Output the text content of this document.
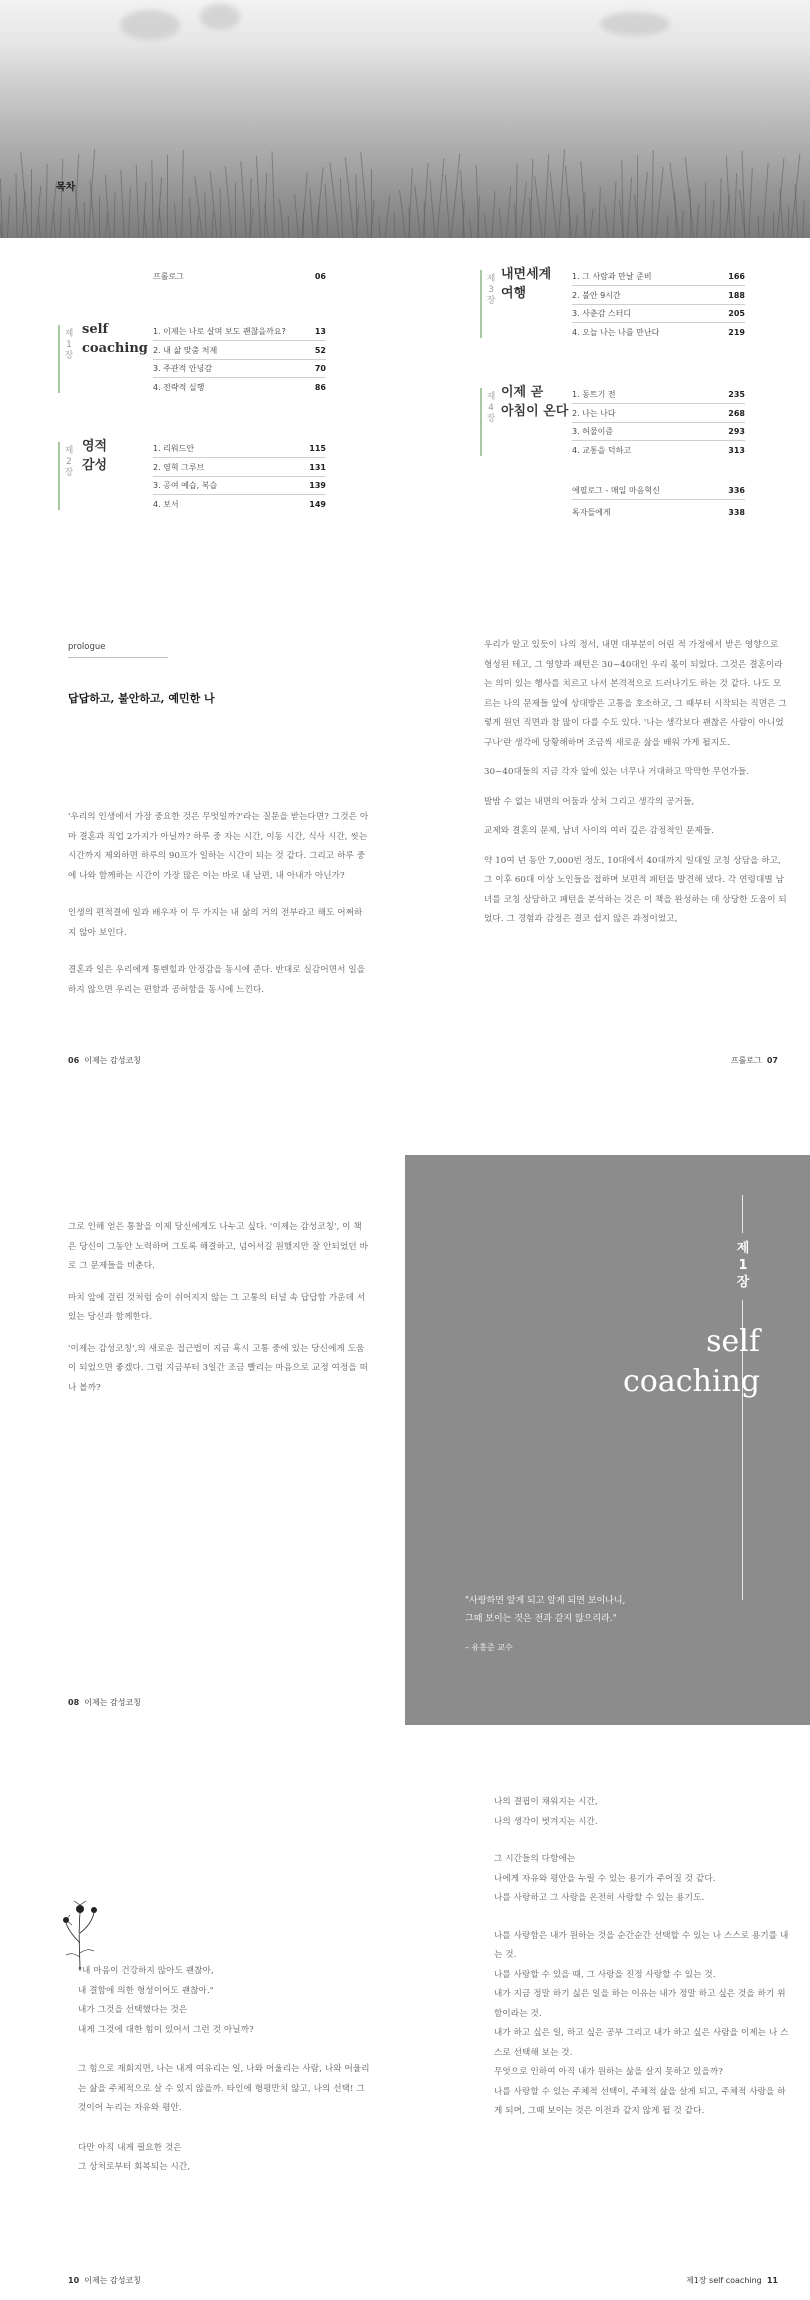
목차
프롤로그	06
제1장
self
coaching
1. 이제는 나로 살며 보도 괜찮을까요?	13
2. 내 삶 맞춤 처제	52
3. 주관적 안녕감	70
4. 전략적 실행	86
제2장
영적
감성
1. 리워드안	115
2. 영혁 그루브	131
3. 공여 예습, 복습	139
4. 보서	149
제3장
내면세계
여행
1. 그 사람과 만날 준비	166
2. 불안 9시간	188
3. 사춘감 스터디	205
4. 오늘 나는 나를 만난다	219
제4장
이제 곧
아침이 온다
1. 동트기 전	235
2. 나는 나다	268
3. 허물이즘	293
4. 교통을 덕하고	313
에필로그 - 매일 마음혁신	336
독자들에게	338
prologue
답답하고, 불안하고, 예민한 나
'우리의 인생에서 가장 중요한 것은 무엇일까?'라는 질문을 받는다면? 그것은 아마 결혼과 직업 2가지가 아닐까? 하루 중 자는 시간, 이동 시간, 식사 시간, 씻는 시간까지 제외하면 하루의 90프가 일하는 시간이 되는 것 같다. 그리고 하루 중에 나와 함께하는 시간이 가장 많은 이는 바로 내 남편, 내 아내가 아닌가?
인생의 편적결에 일과 배우자 이 두 가지는 내 삶의 거의 전부라고 해도 어쩌하지 않아 보인다.
결혼과 일은 우리에게 통렌힐과 안정감을 동시에 준다. 반대로 실감어면서 일을 하지 않으면 우리는 편함과 공허함을 동시에 느낀다.
우리가 알고 있듯이 나의 정서, 내면 대부분이 어린 적 가정에서 받은 영향으로 형성된 테고, 그 영향과 패턴은 30~40대인 우리 몫이 되었다. 그것은 결혼이라는 의미 있는 행사를 치르고 나서 본격적으로 드러나기도 하는 것 같다. 나도 모르는 나의 문제들 앞에 상대방은 고통을 호소하고, 그 때부터 시작되는 직면은 그렇게 원던 직면과 참 많이 다를 수도 있다. '나는 생각보다 괜찮은 사람이 아니었구나'란 생각에 당황해하며 조금씩 새로운 삶을 배워 가게 될지도.
30~40대들의 지금 각자 앞에 있는 너무나 거대하고 막막한 무언가들.
발밤 수 없는 내면의 어둠과 상처 그리고 생각의 공거들,
교제와 결혼의 문제, 남녀 사이의 여러 깊은 감정적인 문제들.
약 10여 년 동안 7,000번 정도, 10대에서 40대까지 일대일 코칭 상담을 하고, 그 이후 60대 이상 노인들을 접하며 보편적 패턴을 발견해 냈다. 각 연령대별 남녀를 코칭 상담하고 패턴을 분석하는 것은 이 책을 완성하는 데 상당한 도움이 되었다. 그 경험과 감정은 결코 쉽지 않은 과정이었고,
06 이제는 감성코칭	프롤로그 07
그로 인해 얻은 통찰을 이제 당신에게도 나누고 싶다. '이제는 감성코칭', 이 책은 당신이 그동안 노력하며 그토록 해결하고, 넘어서길 원했지만 잘 안되었던 바로 그 문제들을 비춘다.
마치 앞에 걸린 것처럼 숨이 쉬어지지 않는 그 고통의 터널 속 답답함 가운데 서 있는 당신과 함께한다.
'이제는 감성코칭',의 새로운 접근법이 지금 혹시 고통 중에 있는 당신에게 도움이 되었으면 좋겠다. 그럼 지금부터 3일간 조금 빨리는 마음으로 교정 여정을 떠나 볼까?
08 이제는 감성코칭
제1장
self
coaching
"사랑하면 알게 되고 알게 되면 보이나니,
그때 보이는 것은 전과 같지 않으리라."
– 유홍준 교수
"내 마음이 건강하지 않아도 괜찮아,
내 결함에 의한 형성이어도 괜찮아."
내가 그것을 선택했다는 것은
내게 그것에 대한 힘이 있어서 그런 것 아닐까?
그 힘으로 재회지면, 나는 내게 여유리는 일, 나와 어울리는 사람, 나와 어울리는 삶을 주체적으로 살 수 있지 않을까. 타인에 형평만치 않고, 나의 선택! 그것이어 누리는 자유와 평안.
다만 아직 내게 필요한 것은
그 상처로부터 회복되는 시간,
나의 결핍이 채워지는 시간,
나의 생각이 벗겨지는 시간.
그 시간들의 다함에는
나에게 자유와 평안을 누릴 수 있는 용기가 주어질 것 같다.
나를 사랑하고 그 사랑을 온전히 사랑할 수 있는 용기도.
나를 사랑함은 내가 원하는 것을 순간순간 선택할 수 있는 나 스스로 용기를 내는 것.
나를 사랑할 수 있을 때, 그 사랑을 진정 사랑할 수 있는 것.
내가 지금 정말 하기 싫은 일을 하는 이유는 내가 정말 하고 싶은 것을 하기 위함이라는 것.
내가 하고 싶은 일, 하고 싶은 공부 그리고 내가 하고 싶은 사람을 이제는 나 스스로 선택해 보는 것.
무엇으로 인하여 아직 내가 원하는 삶을 살지 못하고 있을까?
나를 사랑할 수 있는 주체적 선택이, 주체적 삶을 살게 되고, 주체적 사랑을 하게 되며, 그때 보이는 것은 이전과 같지 않게 될 것 같다.
10 이제는 감성코칭	제1장 self coaching 11
